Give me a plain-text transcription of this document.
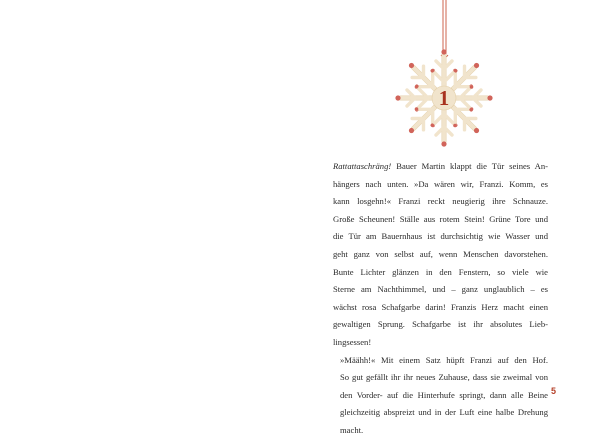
1

Rattattaschräng! Bauer Martin klappt die Tür seines An-
hängers nach unten. »Da wären wir, Franzi. Komm, es
kann losgehn!« Franzi reckt neugierig ihre Schnauze.
Große Scheunen! Ställe aus rotem Stein! Grüne Tore und
die Tür am Bauernhaus ist durchsichtig wie Wasser und
geht ganz von selbst auf, wenn Menschen davorstehen.
Bunte Lichter glänzen in den Fenstern, so viele wie
Sterne am Nachthimmel, und – ganz unglaublich – es
wächst rosa Schafgarbe darin! Franzis Herz macht einen
gewaltigen Sprung. Schafgarbe ist ihr absolutes Lieb-
lingsessen!

»Määhh!« Mit einem Satz hüpft Franzi auf den Hof.
So gut gefällt ihr ihr neues Zuhause, dass sie zweimal von
den Vorder- auf die Hinterhufe springt, dann alle Beine
gleichzeitig abspreizt und in der Luft eine halbe Drehung
macht.

5
